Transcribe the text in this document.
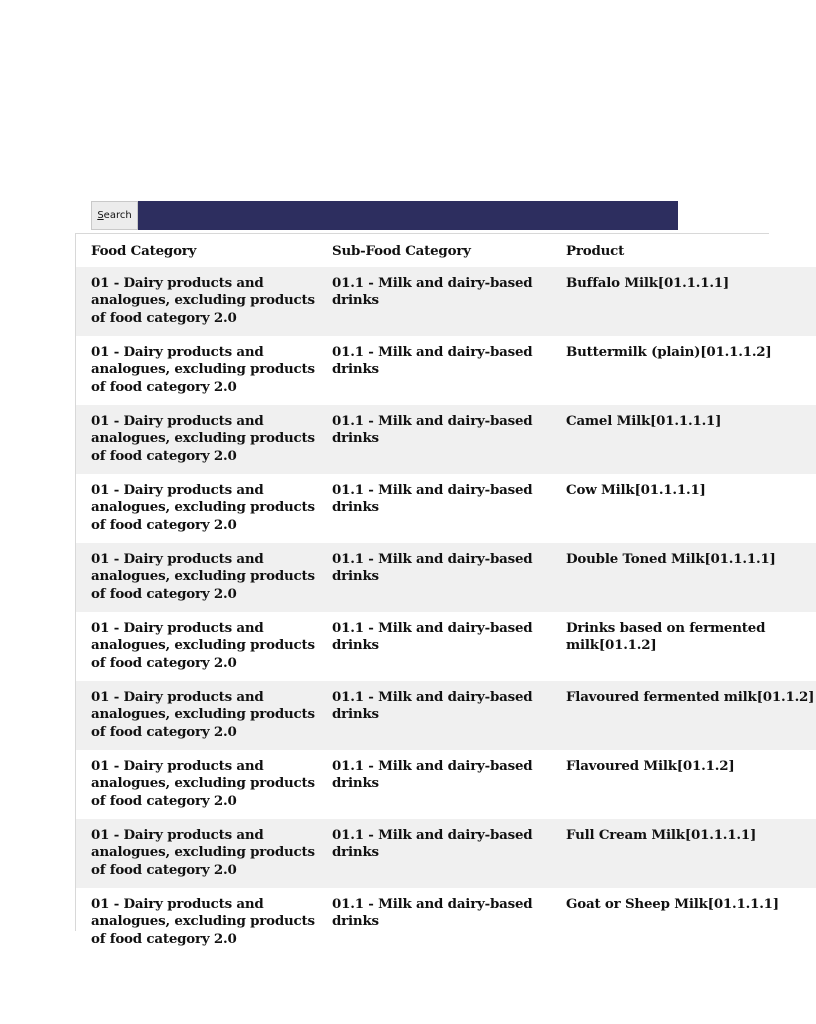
Search
Food Category	Sub-Food Category	Product
01 - Dairy products and analogues, excluding products of food category 2.0	01.1 - Milk and dairy-based drinks	Buffalo Milk[01.1.1.1]
01 - Dairy products and analogues, excluding products of food category 2.0	01.1 - Milk and dairy-based drinks	Buttermilk (plain)[01.1.1.2]
01 - Dairy products and analogues, excluding products of food category 2.0	01.1 - Milk and dairy-based drinks	Camel Milk[01.1.1.1]
01 - Dairy products and analogues, excluding products of food category 2.0	01.1 - Milk and dairy-based drinks	Cow Milk[01.1.1.1]
01 - Dairy products and analogues, excluding products of food category 2.0	01.1 - Milk and dairy-based drinks	Double Toned Milk[01.1.1.1]
01 - Dairy products and analogues, excluding products of food category 2.0	01.1 - Milk and dairy-based drinks	Drinks based on fermented milk[01.1.2]
01 - Dairy products and analogues, excluding products of food category 2.0	01.1 - Milk and dairy-based drinks	Flavoured fermented milk[01.1.2]
01 - Dairy products and analogues, excluding products of food category 2.0	01.1 - Milk and dairy-based drinks	Flavoured Milk[01.1.2]
01 - Dairy products and analogues, excluding products of food category 2.0	01.1 - Milk and dairy-based drinks	Full Cream Milk[01.1.1.1]
01 - Dairy products and analogues, excluding products of food category 2.0	01.1 - Milk and dairy-based drinks	Goat or Sheep Milk[01.1.1.1]
